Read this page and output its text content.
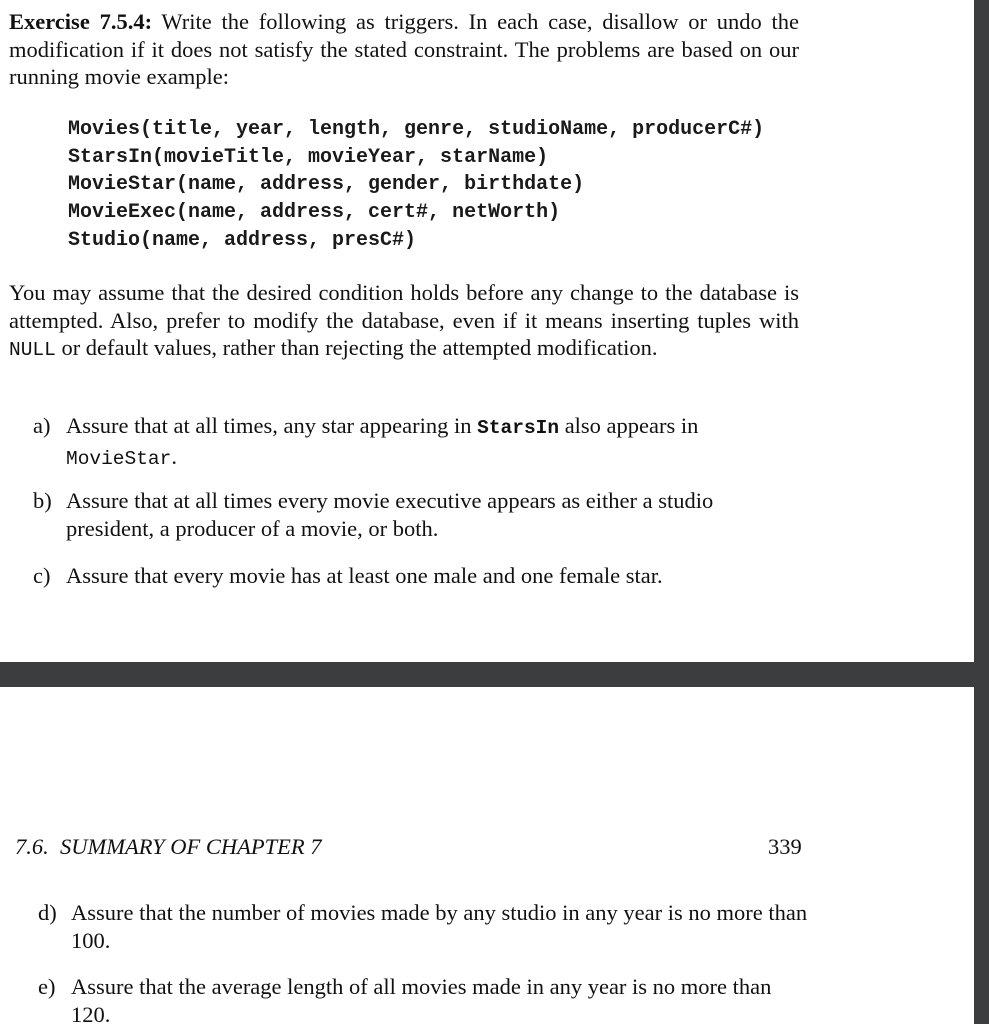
Exercise 7.5.4: Write the following as triggers. In each case, disallow or undo the modification if it does not satisfy the stated constraint. The problems are based on our running movie example:

Movies(title, year, length, genre, studioName, producerC#)
StarsIn(movieTitle, movieYear, starName)
MovieStar(name, address, gender, birthdate)
MovieExec(name, address, cert#, netWorth)
Studio(name, address, presC#)

You may assume that the desired condition holds before any change to the database is attempted. Also, prefer to modify the database, even if it means inserting tuples with NULL or default values, rather than rejecting the attempted modification.

a) Assure that at all times, any star appearing in StarsIn also appears in MovieStar.
b) Assure that at all times every movie executive appears as either a studio president, a producer of a movie, or both.
c) Assure that every movie has at least one male and one female star.
7.6.  SUMMARY OF CHAPTER 7	339
d) Assure that the number of movies made by any studio in any year is no more than 100.
e) Assure that the average length of all movies made in any year is no more than 120.
